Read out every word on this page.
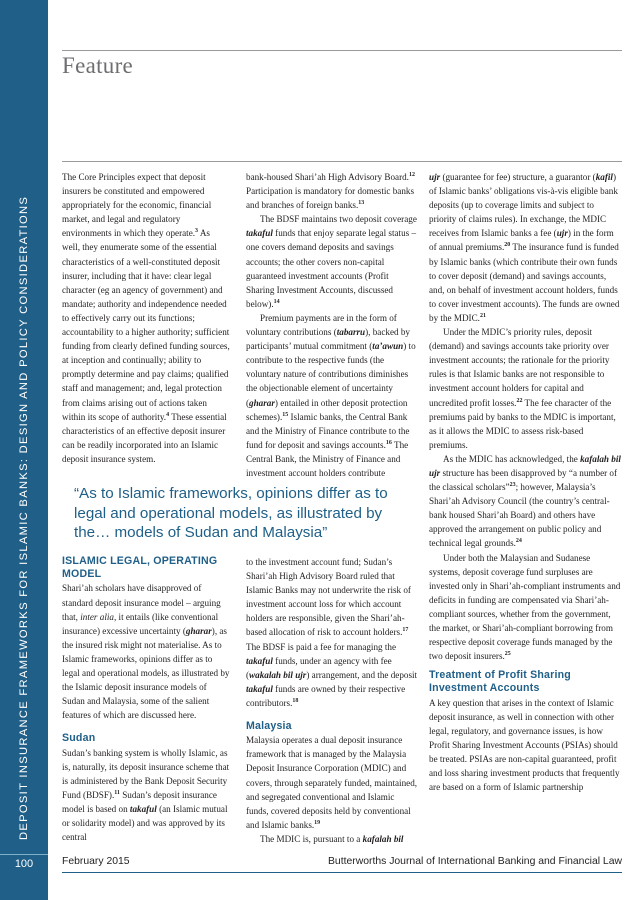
DEPOSIT INSURANCE FRAMEWORKS FOR ISLAMIC BANKS: DESIGN AND POLICY CONSIDERATIONS
100
Feature

The Core Principles expect that deposit insurers be constituted and empowered appropriately for the economic, financial market, and legal and regulatory environments in which they operate.$^3$ As well, they enumerate some of the essential characteristics of a well-constituted deposit insurer, including that it have: clear legal character (eg an agency of government) and mandate; authority and independence needed to effectively carry out its functions; accountability to a higher authority; sufficient funding from clearly defined funding sources, at inception and continually; ability to promptly determine and pay claims; qualified staff and management; and, legal protection from claims arising out of actions taken within its scope of authority.$^4$ These essential characteristics of an effective deposit insurer can be readily incorporated into an Islamic deposit insurance system.

bank-housed Shari’ah High Advisory Board.$^{12}$ Participation is mandatory for domestic banks and branches of foreign banks.$^{13}$

The BDSF maintains two deposit coverage takaful funds that enjoy separate legal status – one covers demand deposits and savings accounts; the other covers non-capital guaranteed investment accounts (Profit Sharing Investment Accounts, discussed below).$^{14}$

Premium payments are in the form of voluntary contributions (tabarru), backed by participants’ mutual commitment (ta’awun) to contribute to the respective funds (the voluntary nature of contributions diminishes the objectionable element of uncertainty (gharar) entailed in other deposit protection schemes).$^{15}$ Islamic banks, the Central Bank and the Ministry of Finance contribute to the fund for deposit and savings accounts.$^{16}$ The Central Bank, the Ministry of Finance and investment account holders contribute

ujr (guarantee for fee) structure, a guarantor (kafil) of Islamic banks’ obligations vis-à-vis eligible bank deposits (up to coverage limits and subject to priority of claims rules). In exchange, the MDIC receives from Islamic banks a fee (ujr) in the form of annual premiums.$^{20}$ The insurance fund is funded by Islamic banks (which contribute their own funds to cover deposit (demand) and savings accounts, and, on behalf of investment account holders, funds to cover investment accounts). The funds are owned by the MDIC.$^{21}$

Under the MDIC’s priority rules, deposit (demand) and savings accounts take priority over investment accounts; the rationale for the priority rules is that Islamic banks are not responsible to investment account holders for capital and uncredited profit losses.$^{22}$ The fee character of the premiums paid by banks to the MDIC is important, as it allows the MDIC to assess risk-based premiums.

As the MDIC has acknowledged, the kafalah bil ujr structure has been disapproved by “a number of the classical scholars”$^{23}$; however, Malaysia’s Shari’ah Advisory Council (the country’s central-bank housed Shari’ah Board) and others have approved the arrangement on public policy and technical legal grounds.$^{24}$

Under both the Malaysian and Sudanese systems, deposit coverage fund surpluses are invested only in Shari’ah-compliant instruments and deficits in funding are compensated via Shari’ah-compliant sources, whether from the government, the market, or Shari’ah-compliant borrowing from respective deposit coverage funds managed by the two deposit insurers.$^{25}$

Treatment of Profit Sharing Investment Accounts

A key question that arises in the context of Islamic deposit insurance, as well in connection with other legal, regulatory, and governance issues, is how Profit Sharing Investment Accounts (PSIAs) should be treated. PSIAs are non-capital guaranteed, profit and loss sharing investment products that frequently are based on a form of Islamic partnership

“As to Islamic frameworks, opinions differ as to legal and operational models, as illustrated by the… models of Sudan and Malaysia”
ISLAMIC LEGAL, OPERATING MODEL

Shari’ah scholars have disapproved of standard deposit insurance model – arguing that, inter alia, it entails (like conventional insurance) excessive uncertainty (gharar), as the insured risk might not materialise. As to Islamic frameworks, opinions differ as to legal and operational models, as illustrated by the Islamic deposit insurance models of Sudan and Malaysia, some of the salient features of which are discussed here.

Sudan

Sudan’s banking system is wholly Islamic, as is, naturally, its deposit insurance scheme that is administered by the Bank Deposit Security Fund (BDSF).$^{11}$ Sudan’s deposit insurance model is based on takaful (an Islamic mutual or solidarity model) and was approved by its central

to the investment account fund; Sudan’s Shari’ah High Advisory Board ruled that Islamic Banks may not underwrite the risk of investment account loss for which account holders are responsible, given the Shari’ah-based allocation of risk to account holders.$^{17}$ The BDSF is paid a fee for managing the takaful funds, under an agency with fee (wakalah bil ujr) arrangement, and the deposit takaful funds are owned by their respective contributors.$^{18}$

Malaysia

Malaysia operates a dual deposit insurance framework that is managed by the Malaysia Deposit Insurance Corporation (MDIC) and covers, through separately funded, maintained, and segregated conventional and Islamic funds, covered deposits held by conventional and Islamic banks.$^{19}$

The MDIC is, pursuant to a kafalah bil

February 2015	Butterworths Journal of International Banking and Financial Law
